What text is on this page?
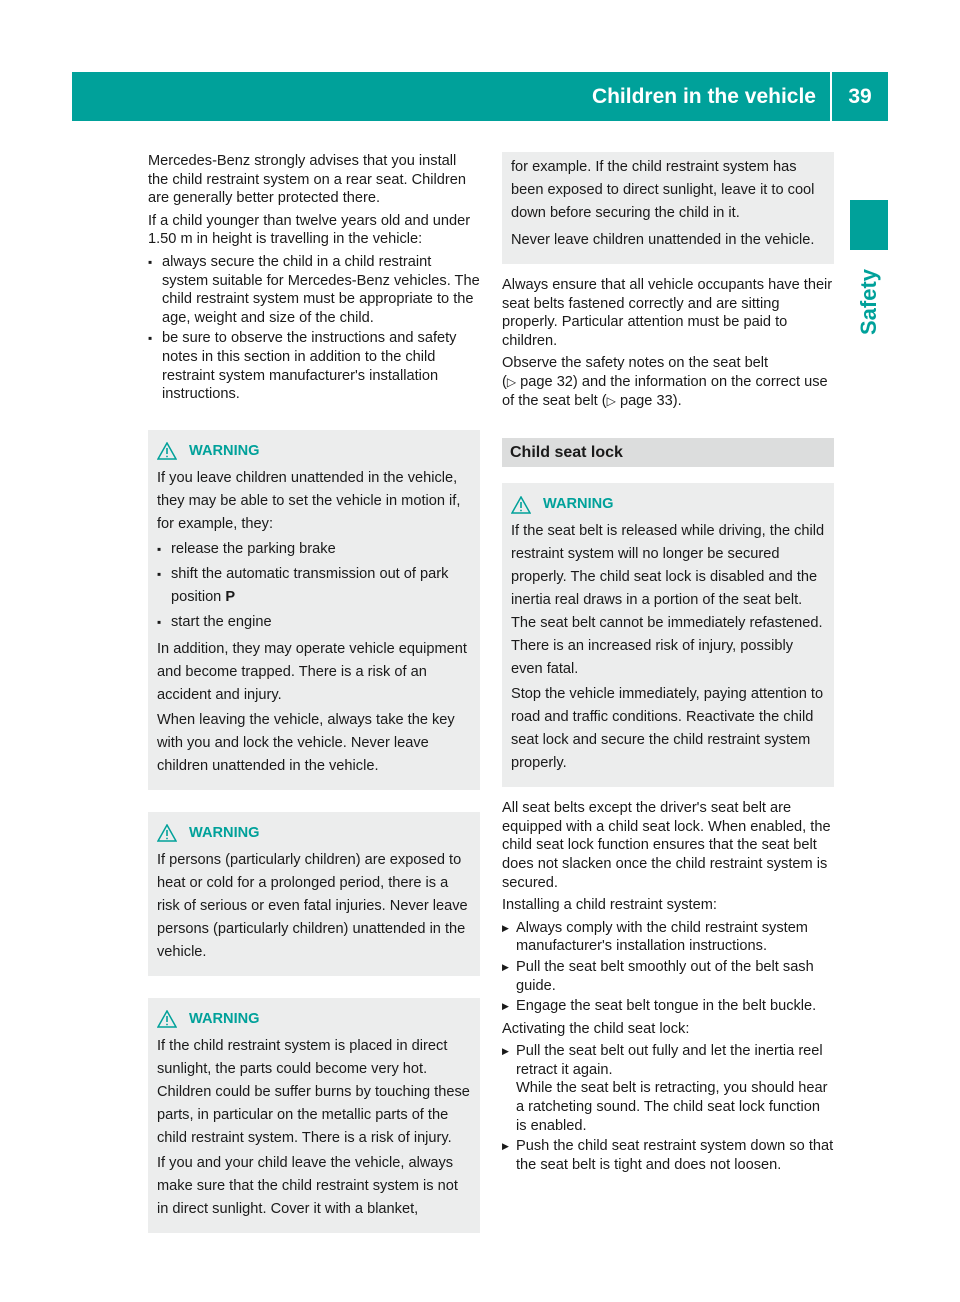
Children in the vehicle	39
Safety

Mercedes-Benz strongly advises that you install the child restraint system on a rear seat. Children are generally better protected there.

If a child younger than twelve years old and under 1.50 m in height is travelling in the vehicle:

▪ always secure the child in a child restraint system suitable for Mercedes-Benz vehicles. The child restraint system must be appropriate to the age, weight and size of the child.
▪ be sure to observe the instructions and safety notes in this section in addition to the child restraint system manufacturer's installation instructions.
WARNING

If you leave children unattended in the vehicle, they may be able to set the vehicle in motion if, for example, they:

▪ release the parking brake
▪ shift the automatic transmission out of park position P
▪ start the engine

In addition, they may operate vehicle equipment and become trapped. There is a risk of an accident and injury.

When leaving the vehicle, always take the key with you and lock the vehicle. Never leave children unattended in the vehicle.

WARNING

If persons (particularly children) are exposed to heat or cold for a prolonged period, there is a risk of serious or even fatal injuries. Never leave persons (particularly children) unattended in the vehicle.

WARNING

If the child restraint system is placed in direct sunlight, the parts could become very hot. Children could be suffer burns by touching these parts, in particular on the metallic parts of the child restraint system. There is a risk of injury.

If you and your child leave the vehicle, always make sure that the child restraint system is not in direct sunlight. Cover it with a blanket,

for example. If the child restraint system has been exposed to direct sunlight, leave it to cool down before securing the child in it.

Never leave children unattended in the vehicle.

Always ensure that all vehicle occupants have their seat belts fastened correctly and are sitting properly. Particular attention must be paid to children.

Observe the safety notes on the seat belt
(▷ page 32) and the information on the correct use of the seat belt (▷ page 33).

Child seat lock
WARNING

If the seat belt is released while driving, the child restraint system will no longer be secured properly. The child seat lock is disabled and the inertia real draws in a portion of the seat belt. The seat belt cannot be immediately refastened. There is an increased risk of injury, possibly even fatal.

Stop the vehicle immediately, paying attention to road and traffic conditions. Reactivate the child seat lock and secure the child restraint system properly.

All seat belts except the driver's seat belt are equipped with a child seat lock. When enabled, the child seat lock function ensures that the seat belt does not slacken once the child restraint system is secured.

Installing a child restraint system:

▶ Always comply with the child restraint system manufacturer's installation instructions.
▶ Pull the seat belt smoothly out of the belt sash guide.
▶ Engage the seat belt tongue in the belt buckle.

Activating the child seat lock:

▶ Pull the seat belt out fully and let the inertia reel retract it again.
While the seat belt is retracting, you should hear a ratcheting sound. The child seat lock function is enabled.
▶ Push the child seat restraint system down so that the seat belt is tight and does not loosen.
